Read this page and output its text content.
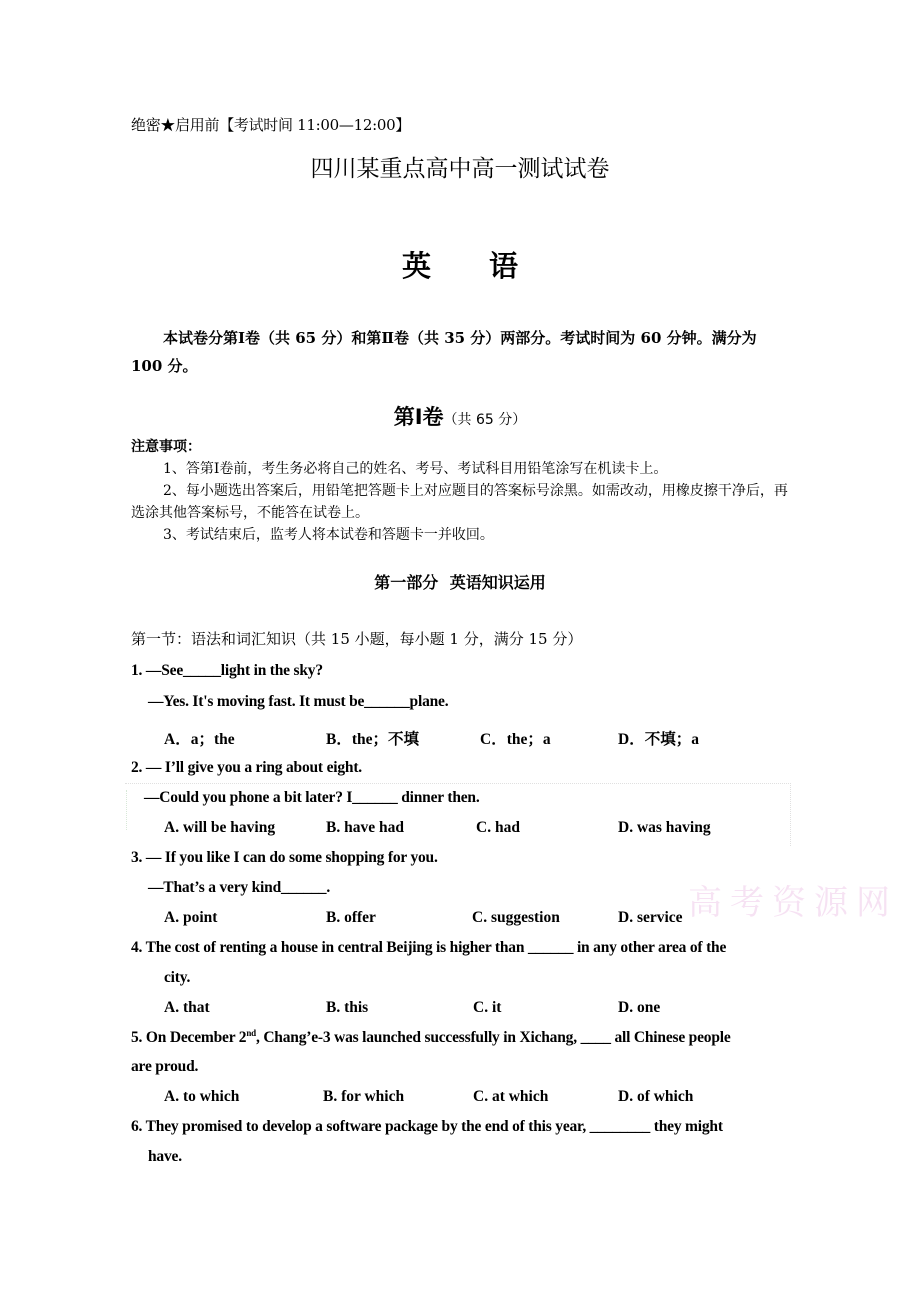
绝密★启用前【考试时间 11:00—12:00】
四川某重点高中高一测试试卷
英 语
本试卷分第Ⅰ卷（共 65 分）和第Ⅱ卷（共 35 分）两部分。考试时间为 60 分钟。满分为 100 分。
第Ⅰ卷（共 65 分）
注意事项：

1、答第Ⅰ卷前，考生务必将自己的姓名、考号、考试科目用铅笔涂写在机读卡上。

2、每小题选出答案后，用铅笔把答题卡上对应题目的答案标号涂黑。如需改动，用橡皮擦干净后，再选涂其他答案标号，不能答在试卷上。

3、考试结束后，监考人将本试卷和答题卡一并收回。

第一部分 英语知识运用
第一节：语法和词汇知识（共 15 小题，每小题 1 分，满分 15 分）
高考资源网
1. —See_____light in the sky?
—Yes. It's moving fast. It must be______plane.
A．a；the	B．the；不填	C．the；a	D．不填；a
2. — I’ll give you a ring about eight.
—Could you phone a bit later? I______ dinner then.
A. will be having	B. have had	C. had	D. was having
3. — If you like I can do some shopping for you.
—That’s a very kind______.
A. point	B. offer	C. suggestion	D. service
4. The cost of renting a house in central Beijing is higher than ______ in any other area of the
city.
A. that	B. this	C. it	D. one
5. On December 2nd, Chang’e-3 was launched successfully in Xichang, ____ all Chinese people
are proud.
A. to which	B. for which	C. at which	D. of which
6. They promised to develop a software package by the end of this year, ________ they might
have.
